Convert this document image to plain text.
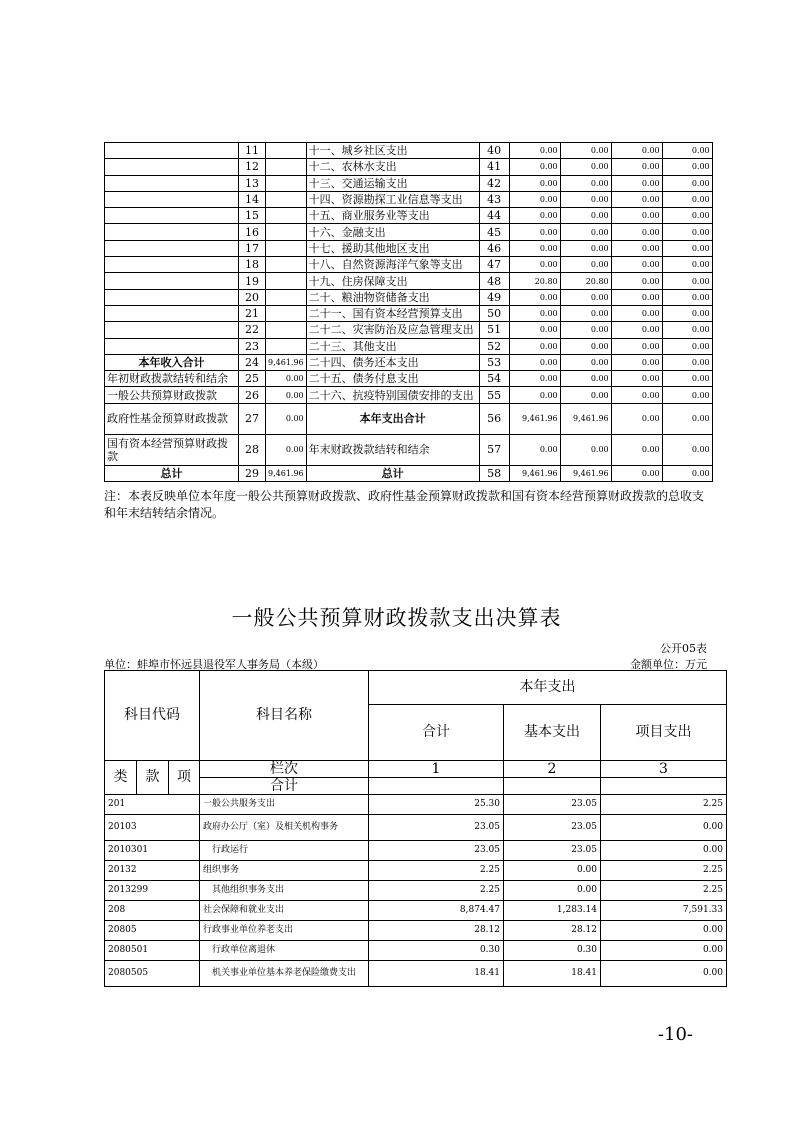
	11		十一、城乡社区支出	40	0.00	0.00	0.00	0.00
	12		十二、农林水支出	41	0.00	0.00	0.00	0.00
	13		十三、交通运输支出	42	0.00	0.00	0.00	0.00
	14		十四、资源勘探工业信息等支出	43	0.00	0.00	0.00	0.00
	15		十五、商业服务业等支出	44	0.00	0.00	0.00	0.00
	16		十六、金融支出	45	0.00	0.00	0.00	0.00
	17		十七、援助其他地区支出	46	0.00	0.00	0.00	0.00
	18		十八、自然资源海洋气象等支出	47	0.00	0.00	0.00	0.00
	19		十九、住房保障支出	48	20.80	20.80	0.00	0.00
	20		二十、粮油物资储备支出	49	0.00	0.00	0.00	0.00
	21		二十一、国有资本经营预算支出	50	0.00	0.00	0.00	0.00
	22		二十二、灾害防治及应急管理支出	51	0.00	0.00	0.00	0.00
	23		二十三、其他支出	52	0.00	0.00	0.00	0.00
本年收入合计	24	9,461.96	二十四、债务还本支出	53	0.00	0.00	0.00	0.00
年初财政拨款结转和结余	25	0.00	二十五、债务付息支出	54	0.00	0.00	0.00	0.00
一般公共预算财政拨款	26	0.00	二十六、抗疫特别国债安排的支出	55	0.00	0.00	0.00	0.00
政府性基金预算财政拨款	27	0.00	本年支出合计	56	9,461.96	9,461.96	0.00	0.00
国有资本经营预算财政拨款	28	0.00	年末财政拨款结转和结余	57	0.00	0.00	0.00	0.00
总计	29	9,461.96	总计	58	9,461.96	9,461.96	0.00	0.00
注：本表反映单位本年度一般公共预算财政拨款、政府性基金预算财政拨款和国有资本经营预算财政拨款的总收支和年末结转结余情况。
一般公共预算财政拨款支出决算表
公开05表
单位：蚌埠市怀远县退役军人事务局（本级）	金额单位：万元
科目代码			科目名称	本年支出		
				合计	基本支出	项目支出
类	款	项	栏次	1	2	3
			合计			
201			一般公共服务支出	25.30	23.05	2.25
20103			政府办公厅（室）及相关机构事务	23.05	23.05	0.00
2010301			行政运行	23.05	23.05	0.00
20132			组织事务	2.25	0.00	2.25
2013299			其他组织事务支出	2.25	0.00	2.25
208			社会保障和就业支出	8,874.47	1,283.14	7,591.33
20805			行政事业单位养老支出	28.12	28.12	0.00
2080501			行政单位离退休	0.30	0.30	0.00
2080505			机关事业单位基本养老保险缴费支出	18.41	18.41	0.00
-10-
